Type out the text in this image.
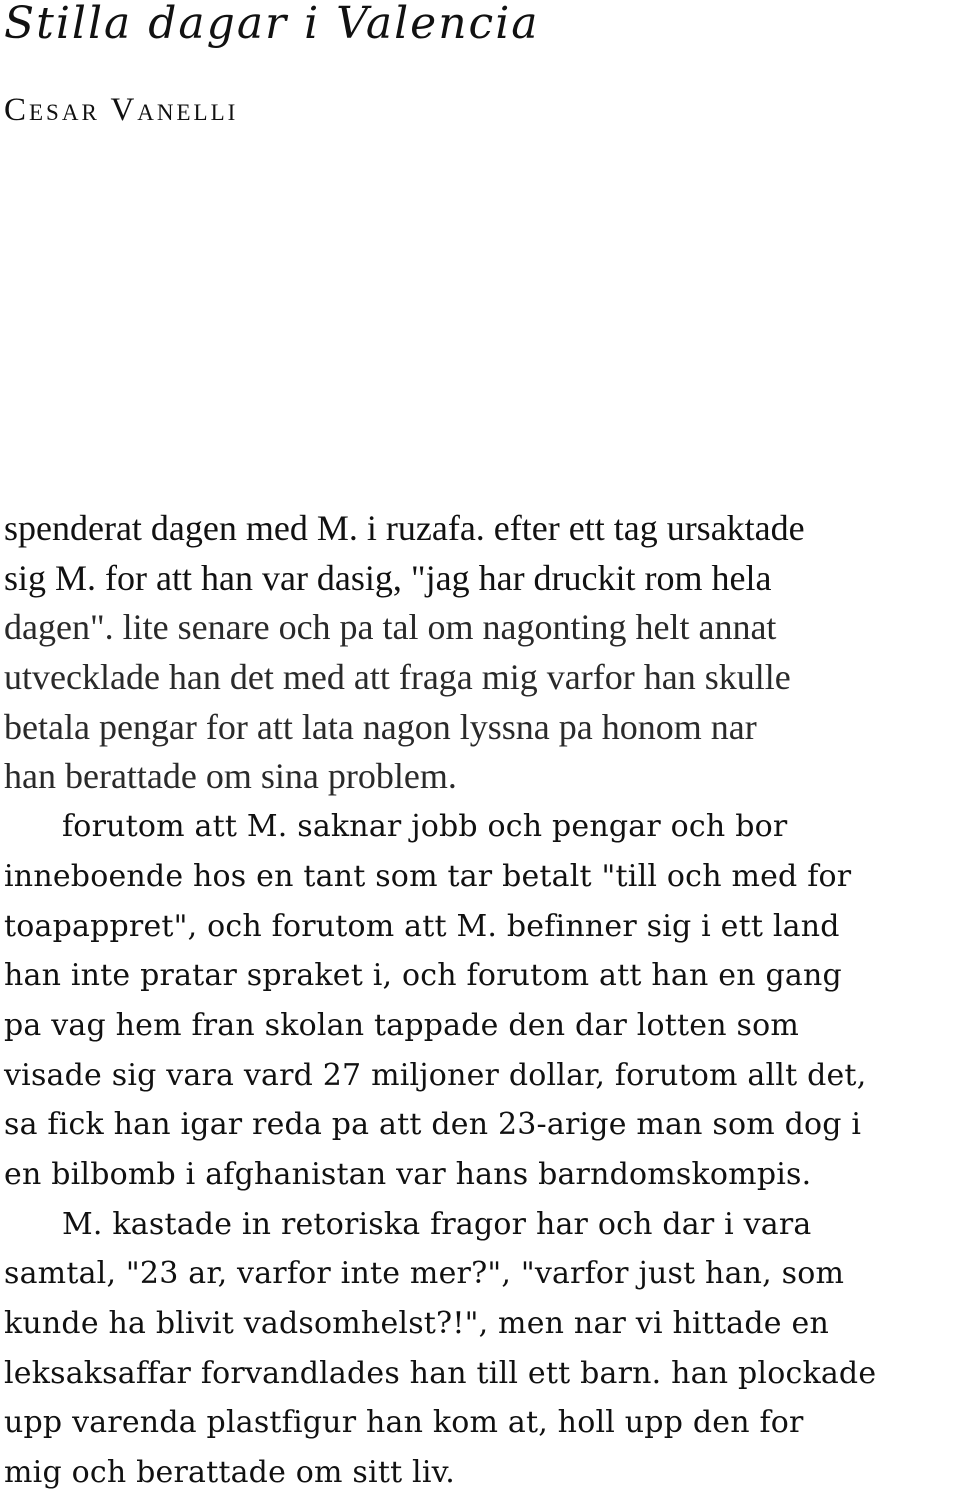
Stilla dagar i Valencia
Cesar Vanelli
spenderat dagen med M. i ruzafa. efter ett tag ursaktade
sig M. for att han var dasig, "jag har druckit rom hela
dagen". lite senare och pa tal om nagonting helt annat
utvecklade han det med att fraga mig varfor han skulle
betala pengar for att lata nagon lyssna pa honom nar
han berattade om sina problem.
forutom att M. saknar jobb och pengar och bor
inneboende hos en tant som tar betalt "till och med for
toapappret", och forutom att M. befinner sig i ett land
han inte pratar spraket i, och forutom att han en gang
pa vag hem fran skolan tappade den dar lotten som
visade sig vara vard 27 miljoner dollar, forutom allt det,
sa fick han igar reda pa att den 23-arige man som dog i
en bilbomb i afghanistan var hans barndomskompis.
M. kastade in retoriska fragor har och dar i vara
samtal, "23 ar, varfor inte mer?", "varfor just han, som
kunde ha blivit vadsomhelst?!", men nar vi hittade en
leksaksaffar forvandlades han till ett barn. han plockade
upp varenda plastfigur han kom at, holl upp den for
mig och berattade om sitt liv.
